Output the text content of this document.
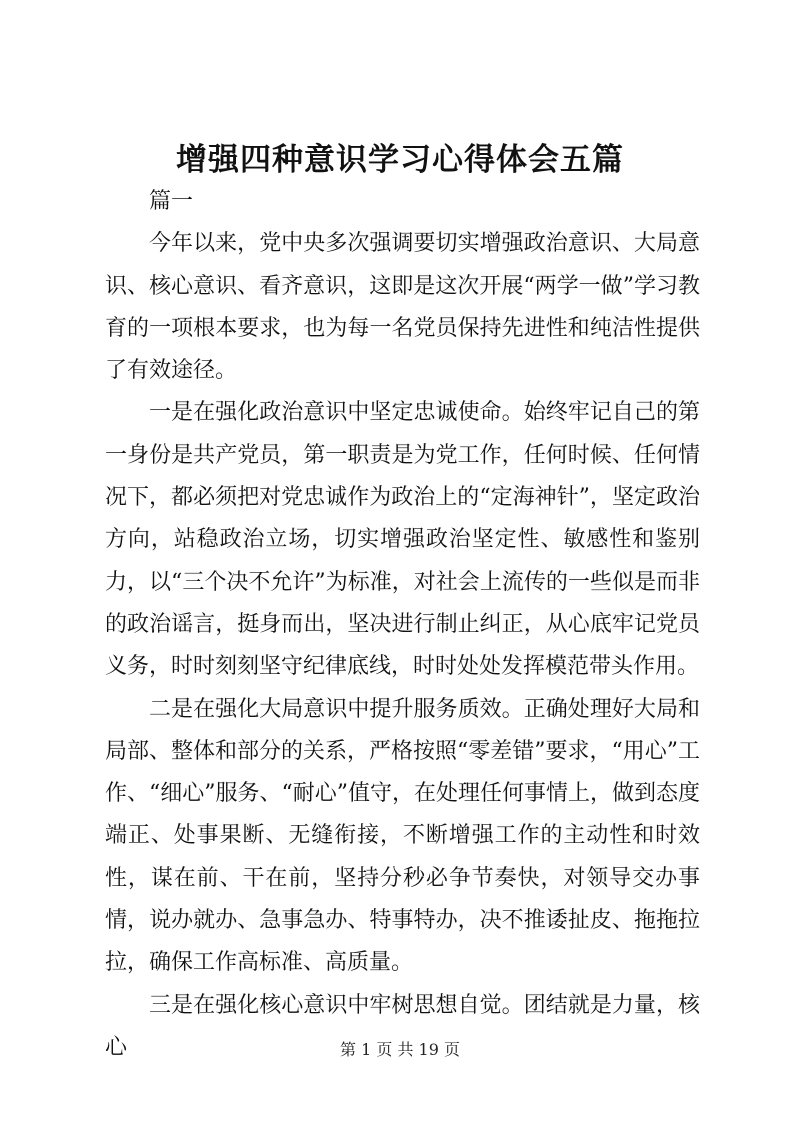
增强四种意识学习心得体会五篇

篇一

今年以来，党中央多次强调要切实增强政治意识、大局意识、核心意识、看齐意识，这即是这次开展“两学一做”学习教育的一项根本要求，也为每一名党员保持先进性和纯洁性提供了有效途径。

一是在强化政治意识中坚定忠诚使命。始终牢记自己的第一身份是共产党员，第一职责是为党工作，任何时候、任何情况下，都必须把对党忠诚作为政治上的“定海神针”，坚定政治方向，站稳政治立场，切实增强政治坚定性、敏感性和鉴别力，以“三个决不允许”为标准，对社会上流传的一些似是而非的政治谣言，挺身而出，坚决进行制止纠正，从心底牢记党员义务，时时刻刻坚守纪律底线，时时处处发挥模范带头作用。

二是在强化大局意识中提升服务质效。正确处理好大局和局部、整体和部分的关系，严格按照“零差错”要求，“用心”工作、“细心”服务、“耐心”值守，在处理任何事情上，做到态度端正、处事果断、无缝衔接，不断增强工作的主动性和时效性，谋在前、干在前，坚持分秒必争节奏快，对领导交办事情，说办就办、急事急办、特事特办，决不推诿扯皮、拖拖拉拉，确保工作高标准、高质量。

三是在强化核心意识中牢树思想自觉。团结就是力量，核心	第 1 页 共 19 页
